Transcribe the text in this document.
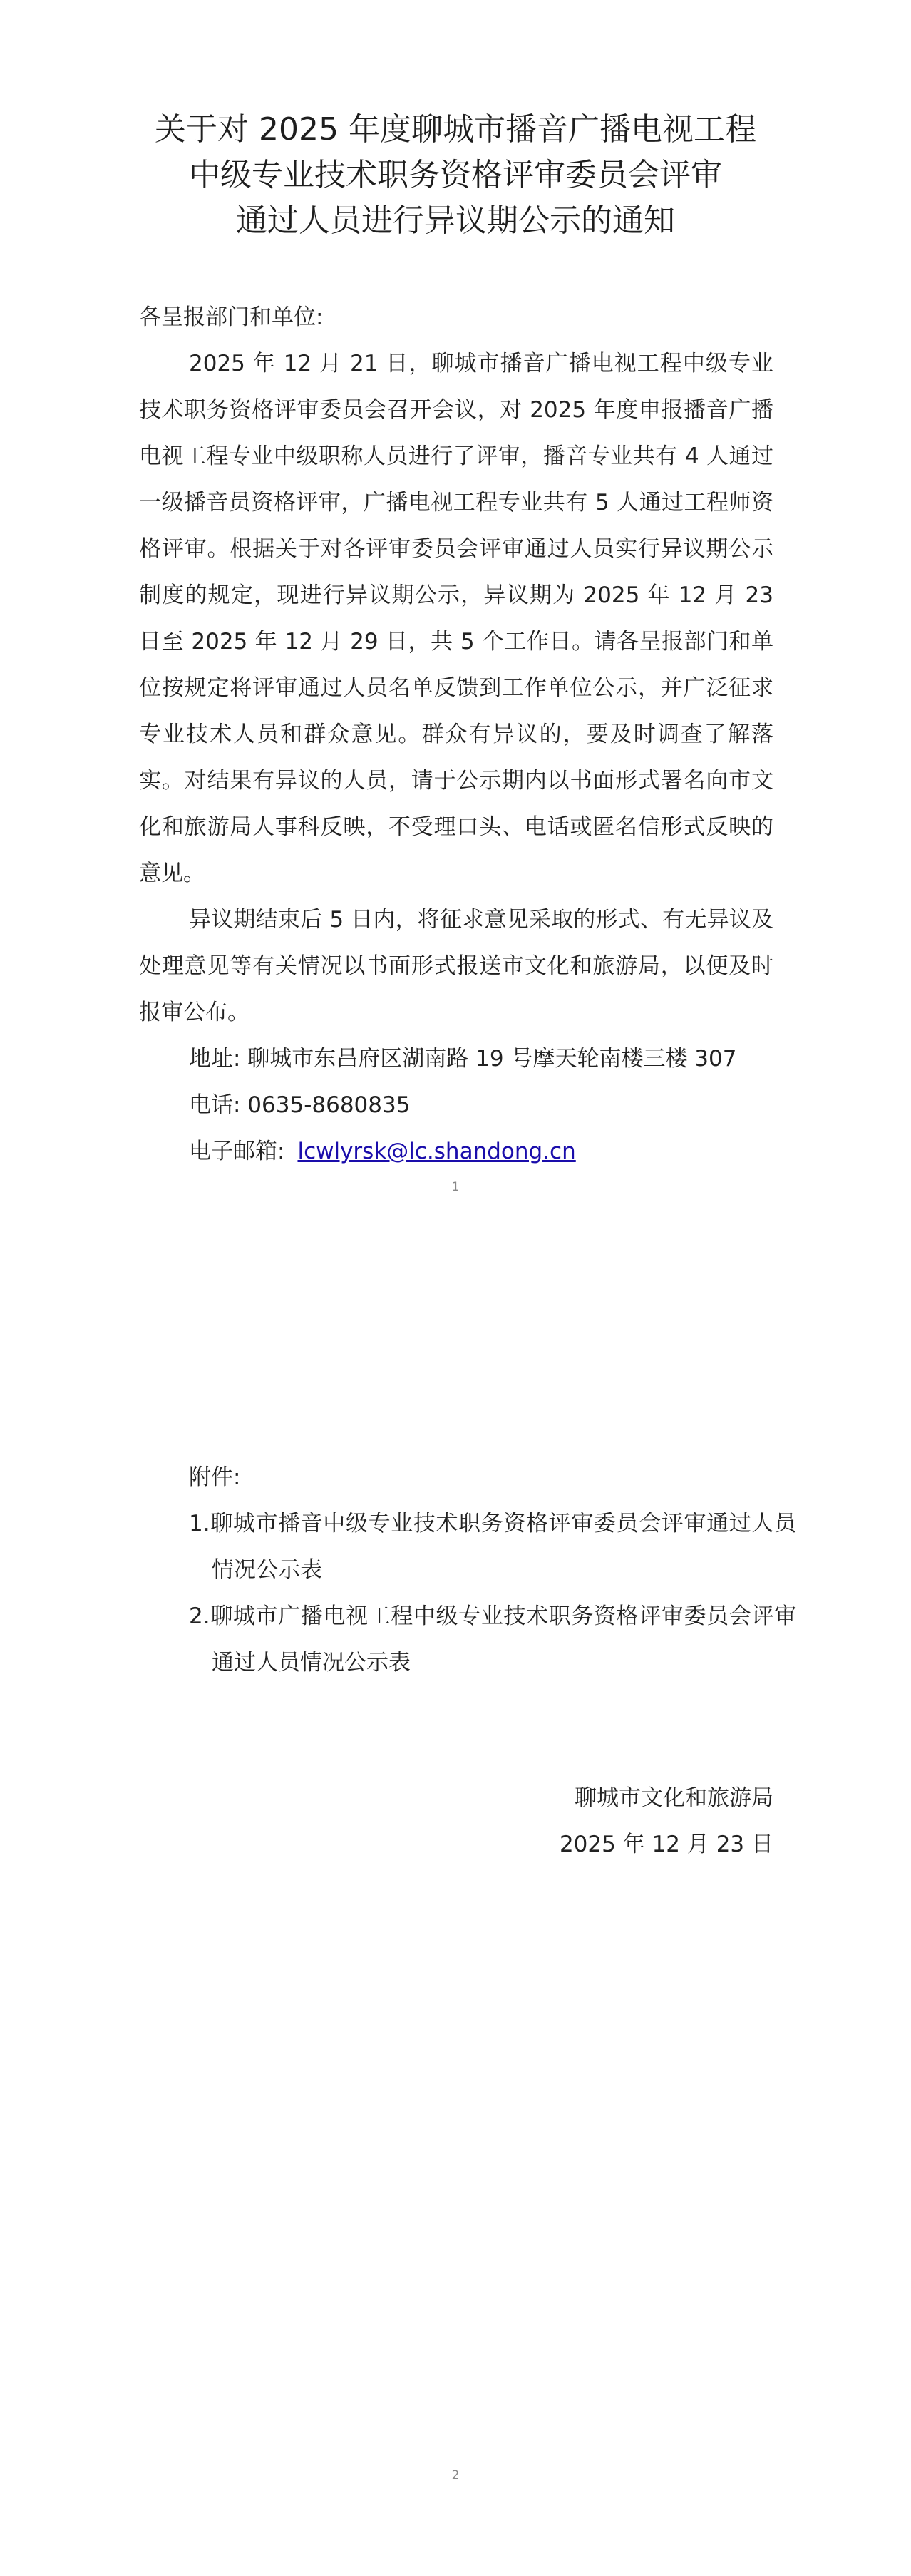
关于对 2025 年度聊城市播音广播电视工程
中级专业技术职务资格评审委员会评审
通过人员进行异议期公示的通知
各呈报部门和单位:
2025 年 12 月 21 日，聊城市播音广播电视工程中级专业技术职务资格评审委员会召开会议，对 2025 年度申报播音广播电视工程专业中级职称人员进行了评审，播音专业共有 4 人通过一级播音员资格评审，广播电视工程专业共有 5 人通过工程师资格评审。根据关于对各评审委员会评审通过人员实行异议期公示制度的规定，现进行异议期公示，异议期为 2025 年 12 月 23 日至 2025 年 12 月 29 日，共 5 个工作日。请各呈报部门和单位按规定将评审通过人员名单反馈到工作单位公示，并广泛征求专业技术人员和群众意见。群众有异议的，要及时调查了解落实。对结果有异议的人员，请于公示期内以书面形式署名向市文化和旅游局人事科反映，不受理口头、电话或匿名信形式反映的意见。
异议期结束后 5 日内，将征求意见采取的形式、有无异议及处理意见等有关情况以书面形式报送市文化和旅游局，以便及时报审公布。
地址: 聊城市东昌府区湖南路 19 号摩天轮南楼三楼 307
电话: 0635-8680835
电子邮箱: lcwlyrsk@lc.shandong.cn
1
附件:
1.聊城市播音中级专业技术职务资格评审委员会评审通过人员情况公示表
2.聊城市广播电视工程中级专业技术职务资格评审委员会评审通过人员情况公示表
聊城市文化和旅游局
2025 年 12 月 23 日
2
